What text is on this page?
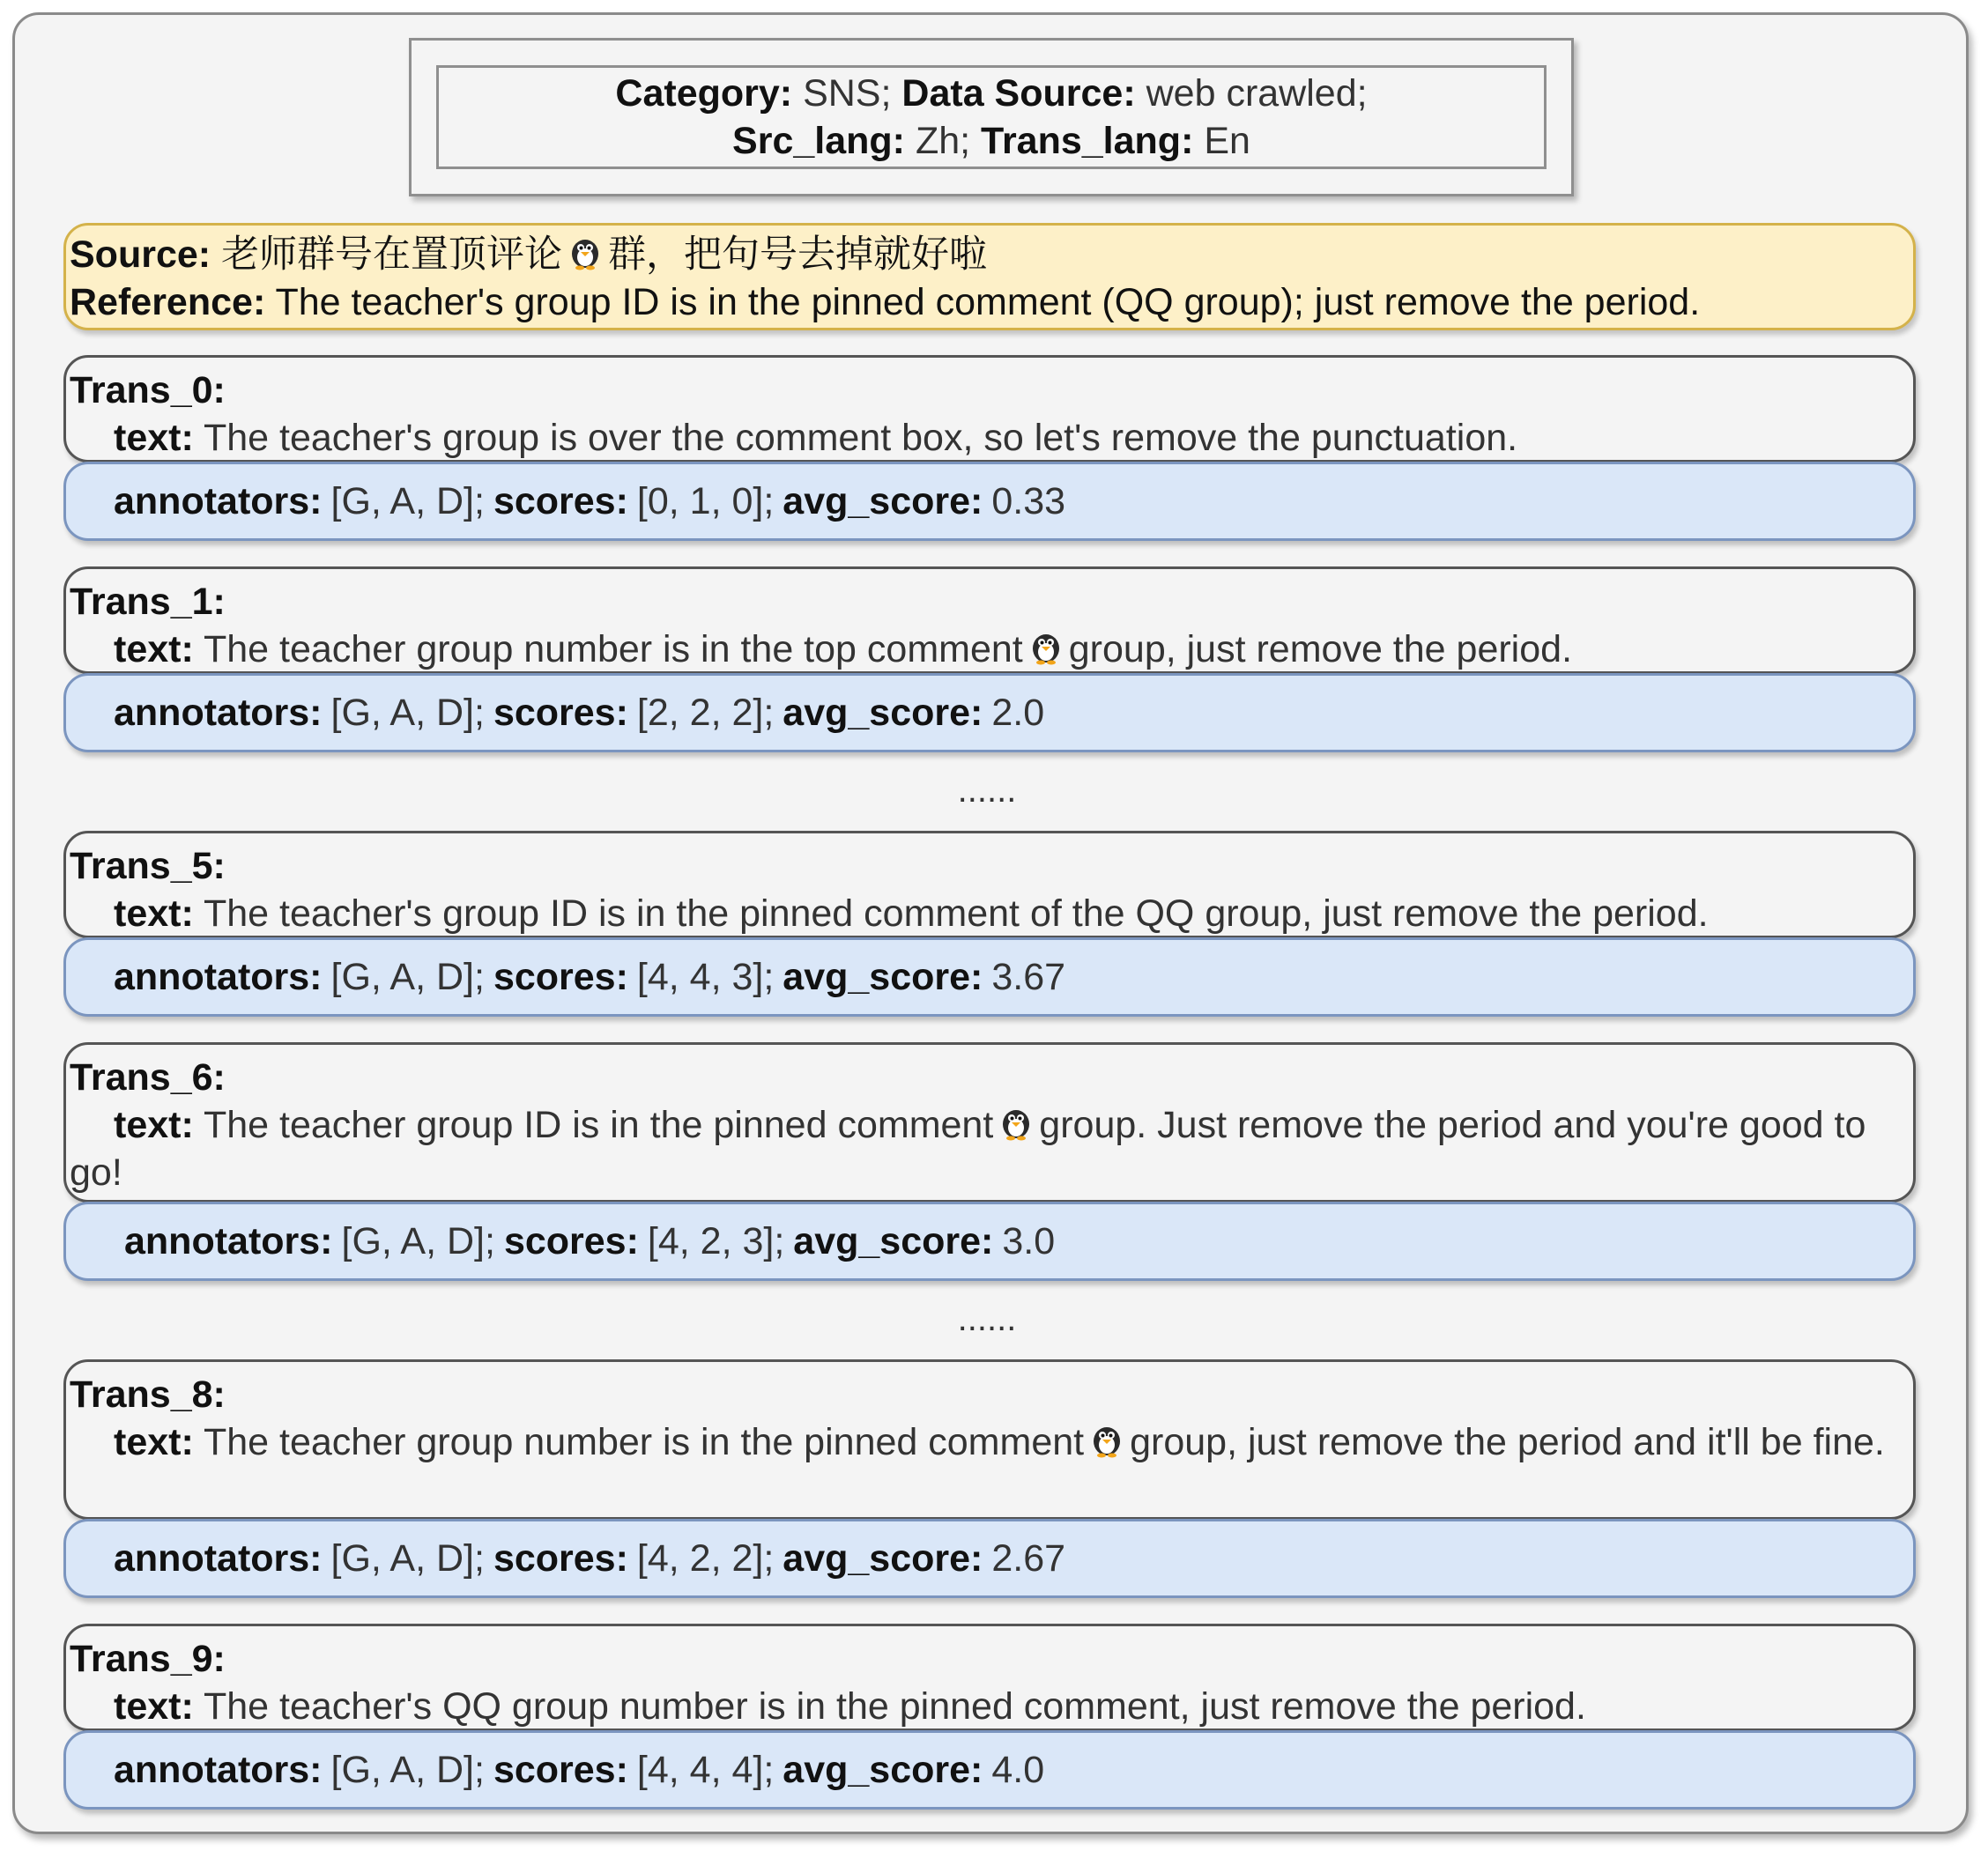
Category: SNS; Data Source: web crawled;
Src_lang: Zh; Trans_lang: En
Source: 老师群号在置顶评论 群，把句号去掉就好啦
Reference: The teacher's group ID is in the pinned comment (QQ group); just remove the period.
Trans_0:
text: The teacher's group is over the comment box, so let's remove the punctuation.
annotators: [G, A, D]; scores: [0, 1, 0]; avg_score: 0.33
Trans_1:
text: The teacher group number is in the top comment group, just remove the period.
annotators: [G, A, D]; scores: [2, 2, 2]; avg_score: 2.0
......
Trans_5:
text: The teacher's group ID is in the pinned comment of the QQ group, just remove the period.
annotators: [G, A, D]; scores: [4, 4, 3]; avg_score: 3.67
Trans_6:
text: The teacher group ID is in the pinned comment group. Just remove the period and you're good to go!
annotators: [G, A, D]; scores: [4, 2, 3]; avg_score: 3.0
......
Trans_8:
text: The teacher group number is in the pinned comment group, just remove the period and it'll be fine.
annotators: [G, A, D]; scores: [4, 2, 2]; avg_score: 2.67
Trans_9:
text: The teacher's QQ group number is in the pinned comment, just remove the period.
annotators: [G, A, D]; scores: [4, 4, 4]; avg_score: 4.0
